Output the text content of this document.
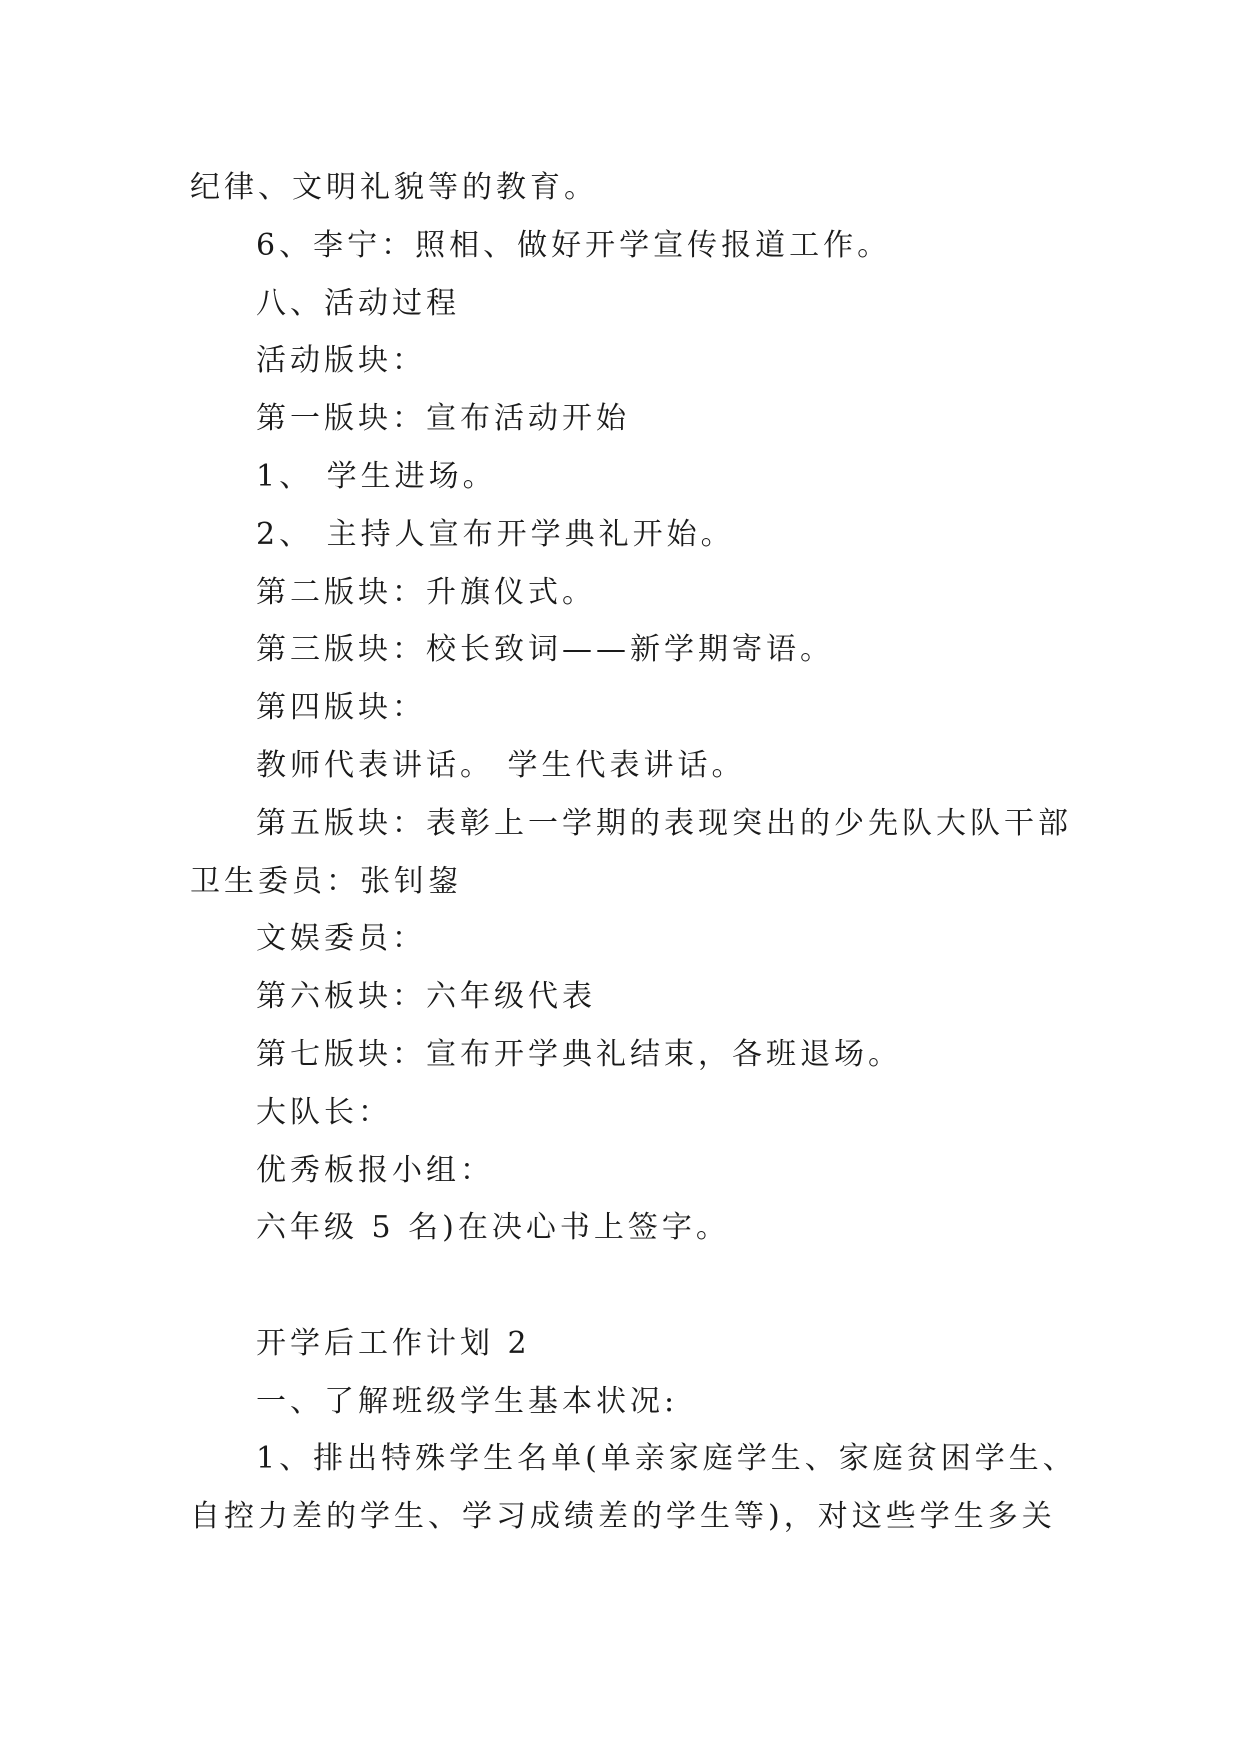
纪律、文明礼貌等的教育。
6、李宁：照相、做好开学宣传报道工作。
八、活动过程
活动版块：
第一版块：宣布活动开始
1、 学生进场。
2、 主持人宣布开学典礼开始。
第二版块：升旗仪式。
第三版块：校长致词——新学期寄语。
第四版块：
教师代表讲话。 学生代表讲话。
第五版块：表彰上一学期的表现突出的少先队大队干部
卫生委员：张钊鋆
文娱委员：
第六板块：六年级代表
第七版块：宣布开学典礼结束，各班退场。
大队长：
优秀板报小组：
六年级 5 名)在决心书上签字。
开学后工作计划 2
一、了解班级学生基本状况:
1、排出特殊学生名单(单亲家庭学生、家庭贫困学生、
自控力差的学生、学习成绩差的学生等)，对这些学生多关
